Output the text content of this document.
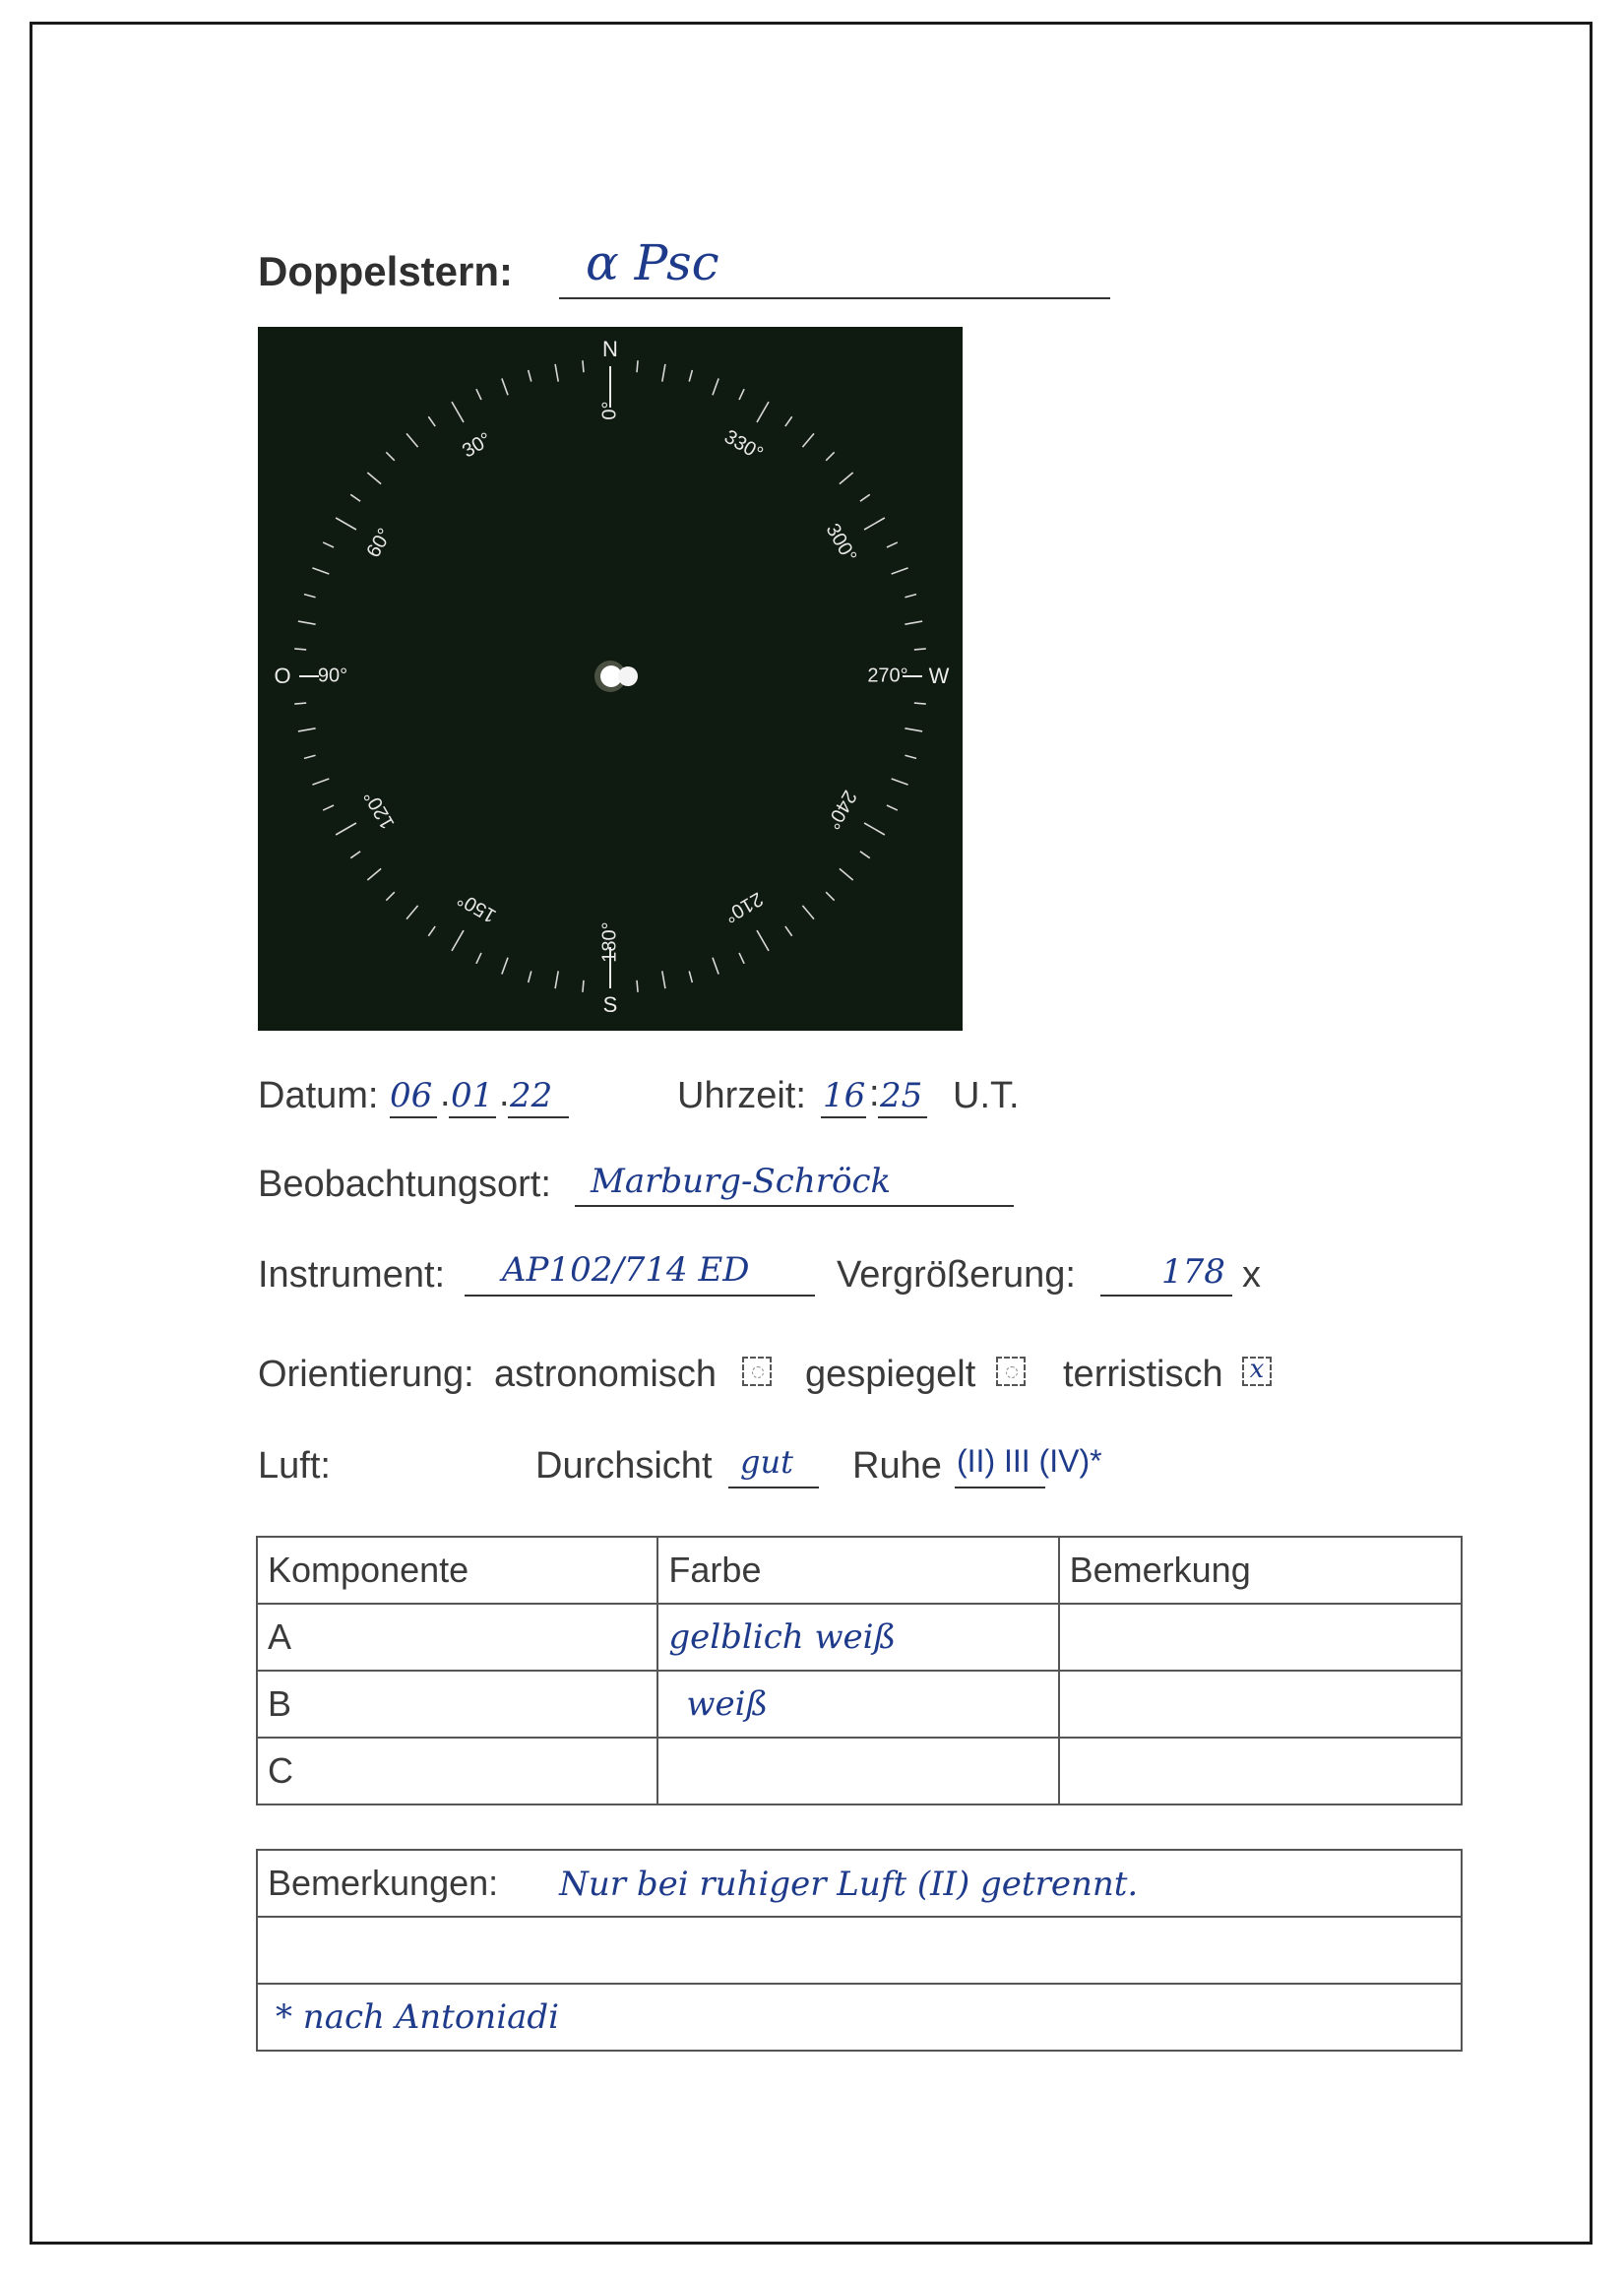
Doppelstern: α Psc
N
S
O	W
0°
30°
60°
90°
120°
150°
180°
210°
240°
270°
300°
330°
Datum: 06 . 01 . 22	Uhrzeit: 16 : 25 U.T.
Beobachtungsort: Marburg-Schröck
Instrument: AP102/714 ED Vergrößerung:	178 x
Orientierung: astronomisch gespiegelt terristisch x
Luft:	Durchsicht gut Ruhe (II) III (IV)*
Komponente	Farbe	Bemerkung
A	gelblich weiß	
B	weiß	
C		
Bemerkungen: Nur bei ruhiger Luft (II) getrennt.

* nach Antoniadi
